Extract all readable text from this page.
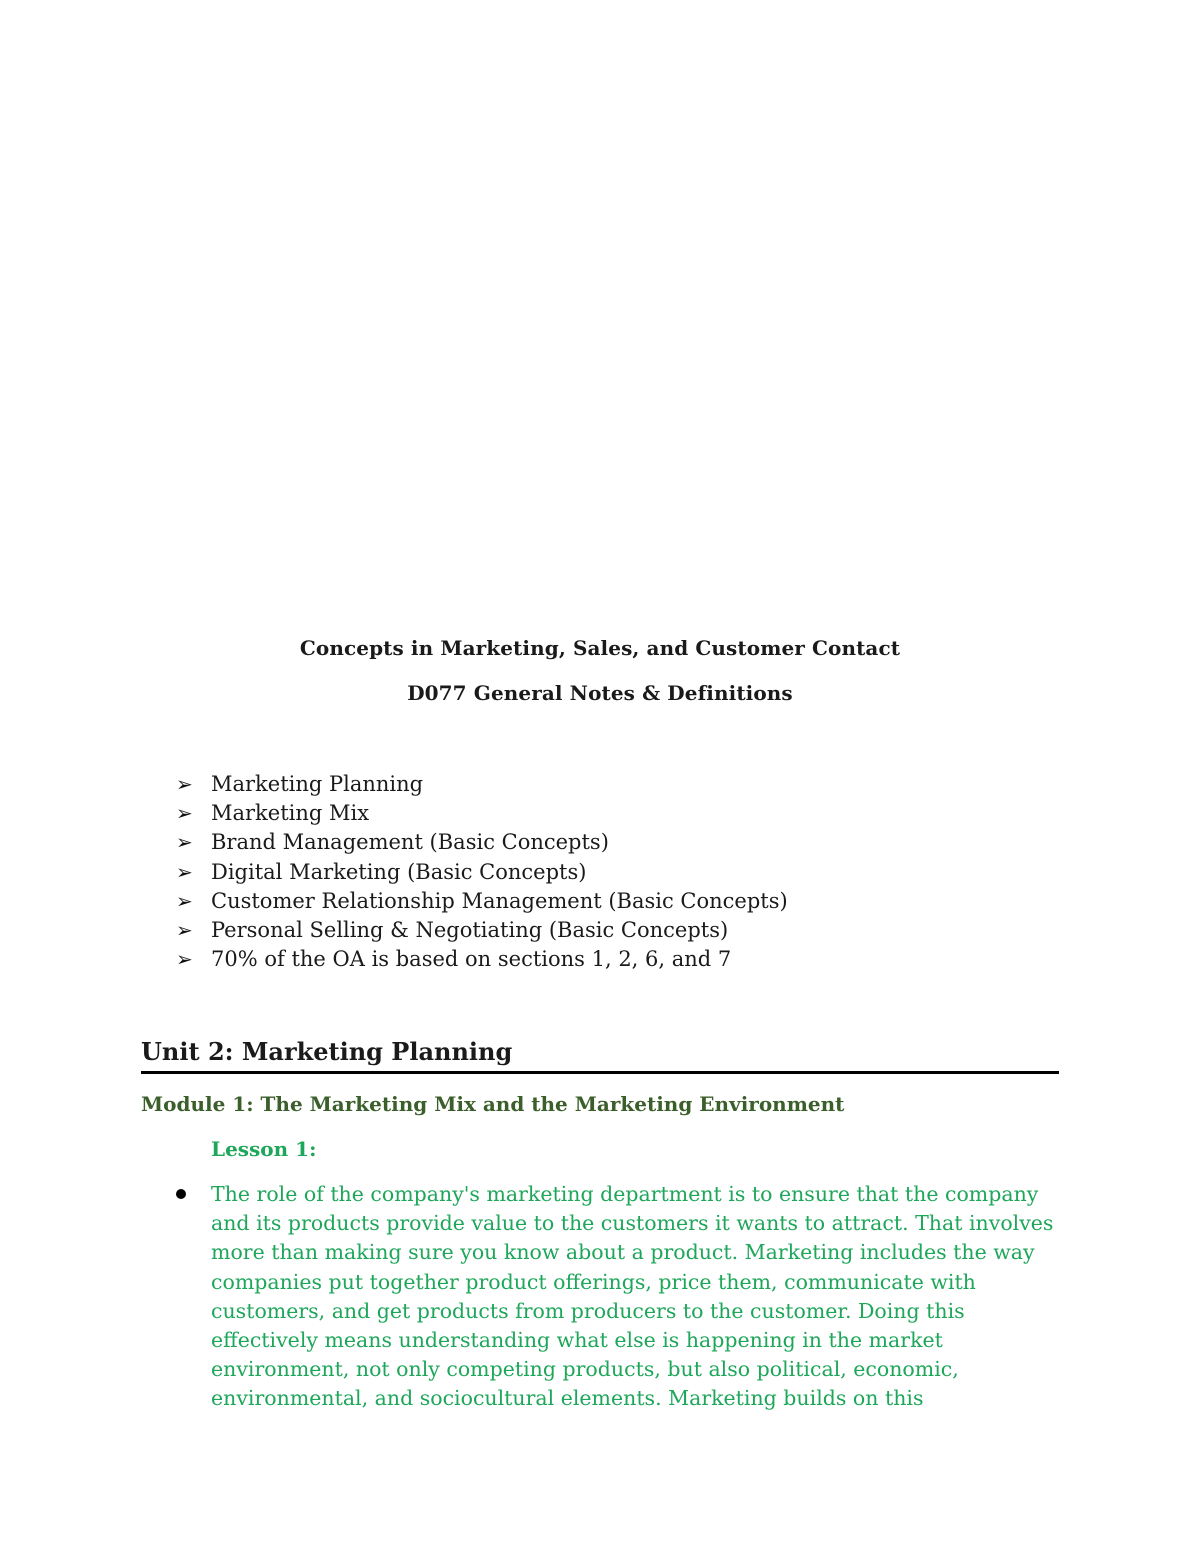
Concepts in Marketing, Sales, and Customer Contact
D077 General Notes & Definitions
➢ Marketing Planning
➢ Marketing Mix
➢ Brand Management (Basic Concepts)
➢ Digital Marketing (Basic Concepts)
➢ Customer Relationship Management (Basic Concepts)
➢ Personal Selling & Negotiating (Basic Concepts)
➢ 70% of the OA is based on sections 1, 2, 6, and 7
Unit 2: Marketing Planning
Module 1: The Marketing Mix and the Marketing Environment
Lesson 1:
The role of the company's marketing department is to ensure that the company and its products provide value to the customers it wants to attract. That involves more than making sure you know about a product. Marketing includes the way companies put together product offerings, price them, communicate with customers, and get products from producers to the customer. Doing this effectively means understanding what else is happening in the market environment, not only competing products, but also political, economic, environmental, and sociocultural elements. Marketing builds on this
